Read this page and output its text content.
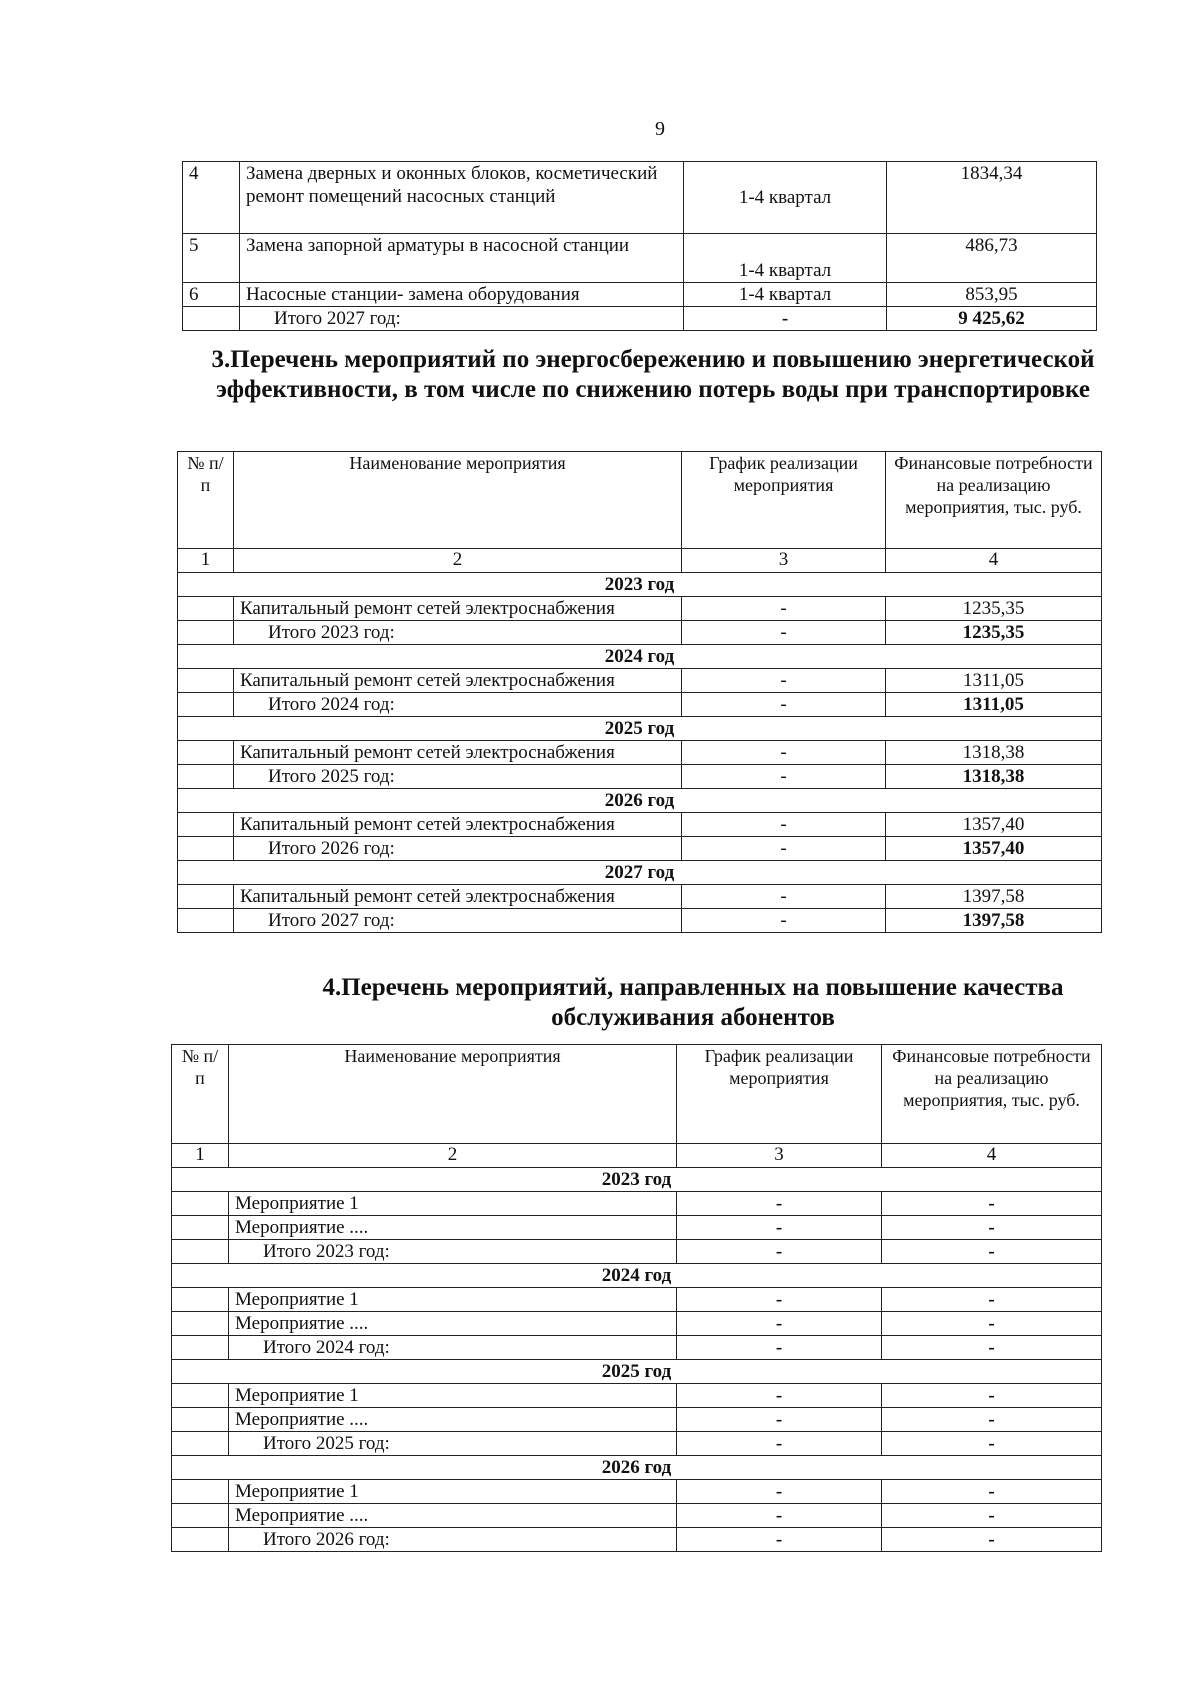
9
4	Замена дверных и оконных блоков, косметический ремонт помещений насосных станций	1-4 квартал	1834,34
5	Замена запорной арматуры в насосной станции	1-4 квартал	486,73
6	Насосные станции- замена оборудования	1-4 квартал	853,95
	Итого 2027 год:	-	9 425,62
3.Перечень мероприятий по энергосбережению и повышению энергетической эффективности, в том числе по снижению потерь воды при транспортировке
№ п/п	Наименование мероприятия	График реализации мероприятия	Финансовые потребности на реализацию мероприятия, тыс. руб.
1	2	3	4
2023 год			
	Капитальный ремонт сетей электроснабжения	-	1235,35
	Итого 2023 год:	-	1235,35
2024 год			
	Капитальный ремонт сетей электроснабжения	-	1311,05
	Итого 2024 год:	-	1311,05
2025 год			
	Капитальный ремонт сетей электроснабжения	-	1318,38
	Итого 2025 год:	-	1318,38
2026 год			
	Капитальный ремонт сетей электроснабжения	-	1357,40
	Итого 2026 год:	-	1357,40
2027 год			
	Капитальный ремонт сетей электроснабжения	-	1397,58
	Итого 2027 год:	-	1397,58
4.Перечень мероприятий, направленных на повышение качества обслуживания абонентов
№ п/п	Наименование мероприятия	График реализации мероприятия	Финансовые потребности на реализацию мероприятия, тыс. руб.
1	2	3	4
2023 год			
	Мероприятие 1	-	-
	Мероприятие ....	-	-
	Итого 2023 год:	-	-
2024 год			
	Мероприятие 1	-	-
	Мероприятие ....	-	-
	Итого 2024 год:	-	-
2025 год			
	Мероприятие 1	-	-
	Мероприятие ....	-	-
	Итого 2025 год:	-	-
2026 год			
	Мероприятие 1	-	-
	Мероприятие ....	-	-
	Итого 2026 год:	-	-
